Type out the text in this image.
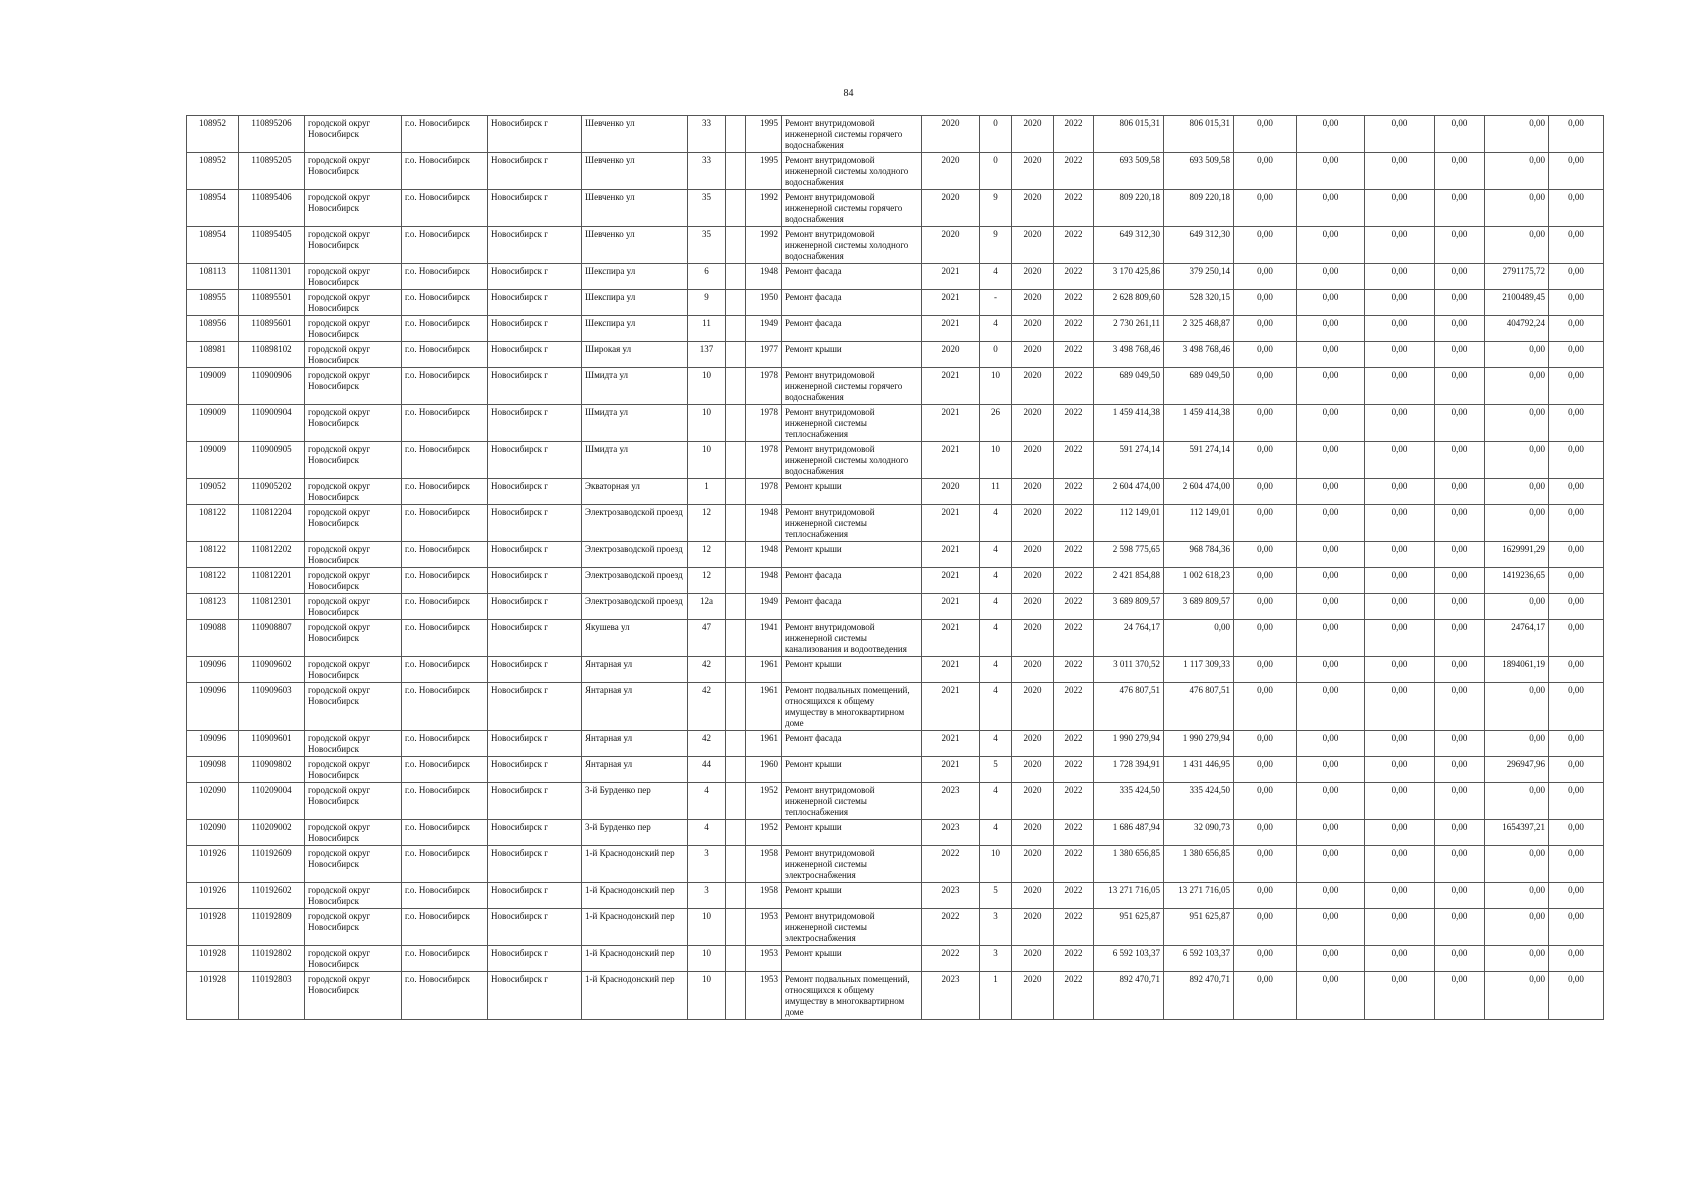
84
108952	110895206	городской округ Новосибирск	г.о. Новосибирск	Новосибирск г	Шевченко ул	33		1995	Ремонт внутридомовой инженерной системы горячего водоснабжения	2020	0	2020	2022	806 015,31	806 015,31	0,00	0,00	0,00	0,00	0,00	0,00
108952	110895205	городской округ Новосибирск	г.о. Новосибирск	Новосибирск г	Шевченко ул	33		1995	Ремонт внутридомовой инженерной системы холодного водоснабжения	2020	0	2020	2022	693 509,58	693 509,58	0,00	0,00	0,00	0,00	0,00	0,00
108954	110895406	городской округ Новосибирск	г.о. Новосибирск	Новосибирск г	Шевченко ул	35		1992	Ремонт внутридомовой инженерной системы горячего водоснабжения	2020	9	2020	2022	809 220,18	809 220,18	0,00	0,00	0,00	0,00	0,00	0,00
108954	110895405	городской округ Новосибирск	г.о. Новосибирск	Новосибирск г	Шевченко ул	35		1992	Ремонт внутридомовой инженерной системы холодного водоснабжения	2020	9	2020	2022	649 312,30	649 312,30	0,00	0,00	0,00	0,00	0,00	0,00
108113	110811301	городской округ Новосибирск	г.о. Новосибирск	Новосибирск г	Шекспира ул	6		1948	Ремонт фасада	2021	4	2020	2022	3 170 425,86	379 250,14	0,00	0,00	0,00	0,00	2791175,72	0,00
108955	110895501	городской округ Новосибирск	г.о. Новосибирск	Новосибирск г	Шекспира ул	9		1950	Ремонт фасада	2021	-	2020	2022	2 628 809,60	528 320,15	0,00	0,00	0,00	0,00	2100489,45	0,00
108956	110895601	городской округ Новосибирск	г.о. Новосибирск	Новосибирск г	Шекспира ул	11		1949	Ремонт фасада	2021	4	2020	2022	2 730 261,11	2 325 468,87	0,00	0,00	0,00	0,00	404792,24	0,00
108981	110898102	городской округ Новосибирск	г.о. Новосибирск	Новосибирск г	Широкая ул	137		1977	Ремонт крыши	2020	0	2020	2022	3 498 768,46	3 498 768,46	0,00	0,00	0,00	0,00	0,00	0,00
109009	110900906	городской округ Новосибирск	г.о. Новосибирск	Новосибирск г	Шмидта ул	10		1978	Ремонт внутридомовой инженерной системы горячего водоснабжения	2021	10	2020	2022	689 049,50	689 049,50	0,00	0,00	0,00	0,00	0,00	0,00
109009	110900904	городской округ Новосибирск	г.о. Новосибирск	Новосибирск г	Шмидта ул	10		1978	Ремонт внутридомовой инженерной системы теплоснабжения	2021	26	2020	2022	1 459 414,38	1 459 414,38	0,00	0,00	0,00	0,00	0,00	0,00
109009	110900905	городской округ Новосибирск	г.о. Новосибирск	Новосибирск г	Шмидта ул	10		1978	Ремонт внутридомовой инженерной системы холодного водоснабжения	2021	10	2020	2022	591 274,14	591 274,14	0,00	0,00	0,00	0,00	0,00	0,00
109052	110905202	городской округ Новосибирск	г.о. Новосибирск	Новосибирск г	Экваторная ул	1		1978	Ремонт крыши	2020	11	2020	2022	2 604 474,00	2 604 474,00	0,00	0,00	0,00	0,00	0,00	0,00
108122	110812204	городской округ Новосибирск	г.о. Новосибирск	Новосибирск г	Электрозаводской проезд	12		1948	Ремонт внутридомовой инженерной системы теплоснабжения	2021	4	2020	2022	112 149,01	112 149,01	0,00	0,00	0,00	0,00	0,00	0,00
108122	110812202	городской округ Новосибирск	г.о. Новосибирск	Новосибирск г	Электрозаводской проезд	12		1948	Ремонт крыши	2021	4	2020	2022	2 598 775,65	968 784,36	0,00	0,00	0,00	0,00	1629991,29	0,00
108122	110812201	городской округ Новосибирск	г.о. Новосибирск	Новосибирск г	Электрозаводской проезд	12		1948	Ремонт фасада	2021	4	2020	2022	2 421 854,88	1 002 618,23	0,00	0,00	0,00	0,00	1419236,65	0,00
108123	110812301	городской округ Новосибирск	г.о. Новосибирск	Новосибирск г	Электрозаводской проезд	12а		1949	Ремонт фасада	2021	4	2020	2022	3 689 809,57	3 689 809,57	0,00	0,00	0,00	0,00	0,00	0,00
109088	110908807	городской округ Новосибирск	г.о. Новосибирск	Новосибирск г	Якушева ул	47		1941	Ремонт внутридомовой инженерной системы канализования и водоотведения	2021	4	2020	2022	24 764,17	0,00	0,00	0,00	0,00	0,00	24764,17	0,00
109096	110909602	городской округ Новосибирск	г.о. Новосибирск	Новосибирск г	Янтарная ул	42		1961	Ремонт крыши	2021	4	2020	2022	3 011 370,52	1 117 309,33	0,00	0,00	0,00	0,00	1894061,19	0,00
109096	110909603	городской округ Новосибирск	г.о. Новосибирск	Новосибирск г	Янтарная ул	42		1961	Ремонт подвальных помещений, относящихся к общему имуществу в многоквартирном доме	2021	4	2020	2022	476 807,51	476 807,51	0,00	0,00	0,00	0,00	0,00	0,00
109096	110909601	городской округ Новосибирск	г.о. Новосибирск	Новосибирск г	Янтарная ул	42		1961	Ремонт фасада	2021	4	2020	2022	1 990 279,94	1 990 279,94	0,00	0,00	0,00	0,00	0,00	0,00
109098	110909802	городской округ Новосибирск	г.о. Новосибирск	Новосибирск г	Янтарная ул	44		1960	Ремонт крыши	2021	5	2020	2022	1 728 394,91	1 431 446,95	0,00	0,00	0,00	0,00	296947,96	0,00
102090	110209004	городской округ Новосибирск	г.о. Новосибирск	Новосибирск г	3-й Бурденко пер	4		1952	Ремонт внутридомовой инженерной системы теплоснабжения	2023	4	2020	2022	335 424,50	335 424,50	0,00	0,00	0,00	0,00	0,00	0,00
102090	110209002	городской округ Новосибирск	г.о. Новосибирск	Новосибирск г	3-й Бурденко пер	4		1952	Ремонт крыши	2023	4	2020	2022	1 686 487,94	32 090,73	0,00	0,00	0,00	0,00	1654397,21	0,00
101926	110192609	городской округ Новосибирск	г.о. Новосибирск	Новосибирск г	1-й Краснодонский пер	3		1958	Ремонт внутридомовой инженерной системы электроснабжения	2022	10	2020	2022	1 380 656,85	1 380 656,85	0,00	0,00	0,00	0,00	0,00	0,00
101926	110192602	городской округ Новосибирск	г.о. Новосибирск	Новосибирск г	1-й Краснодонский пер	3		1958	Ремонт крыши	2023	5	2020	2022	13 271 716,05	13 271 716,05	0,00	0,00	0,00	0,00	0,00	0,00
101928	110192809	городской округ Новосибирск	г.о. Новосибирск	Новосибирск г	1-й Краснодонский пер	10		1953	Ремонт внутридомовой инженерной системы электроснабжения	2022	3	2020	2022	951 625,87	951 625,87	0,00	0,00	0,00	0,00	0,00	0,00
101928	110192802	городской округ Новосибирск	г.о. Новосибирск	Новосибирск г	1-й Краснодонский пер	10		1953	Ремонт крыши	2022	3	2020	2022	6 592 103,37	6 592 103,37	0,00	0,00	0,00	0,00	0,00	0,00
101928	110192803	городской округ Новосибирск	г.о. Новосибирск	Новосибирск г	1-й Краснодонский пер	10		1953	Ремонт подвальных помещений, относящихся к общему имуществу в многоквартирном доме	2023	1	2020	2022	892 470,71	892 470,71	0,00	0,00	0,00	0,00	0,00	0,00
